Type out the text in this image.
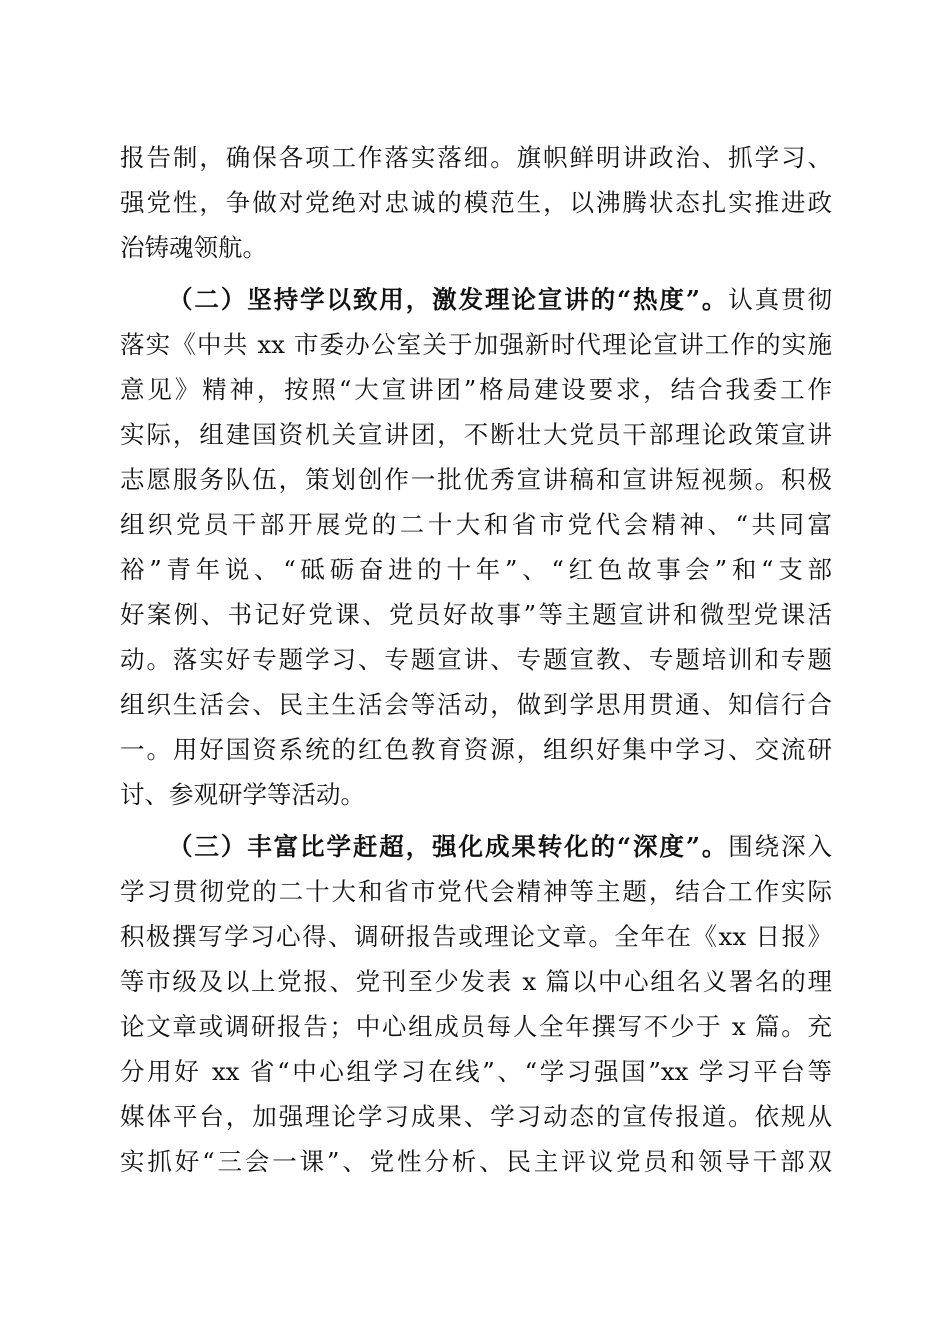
报告制，确保各项工作落实落细。旗帜鲜明讲政治、抓学习、
强党性，争做对党绝对忠诚的模范生，以沸腾状态扎实推进政
治铸魂领航。
（二）坚持学以致用，激发理论宣讲的“热度”。认真贯彻
落实《中共 xx 市委办公室关于加强新时代理论宣讲工作的实施
意见》精神，按照“大宣讲团”格局建设要求，结合我委工作
实际，组建国资机关宣讲团，不断壮大党员干部理论政策宣讲
志愿服务队伍，策划创作一批优秀宣讲稿和宣讲短视频。积极
组织党员干部开展党的二十大和省市党代会精神、“共同富
裕”青年说、“砥砺奋进的十年”、“红色故事会”和“支部
好案例、书记好党课、党员好故事”等主题宣讲和微型党课活
动。落实好专题学习、专题宣讲、专题宣教、专题培训和专题
组织生活会、民主生活会等活动，做到学思用贯通、知信行合
一。用好国资系统的红色教育资源，组织好集中学习、交流研
讨、参观研学等活动。
（三）丰富比学赶超，强化成果转化的“深度”。围绕深入
学习贯彻党的二十大和省市党代会精神等主题，结合工作实际
积极撰写学习心得、调研报告或理论文章。全年在《xx 日报》
等市级及以上党报、党刊至少发表 x 篇以中心组名义署名的理
论文章或调研报告；中心组成员每人全年撰写不少于 x 篇。充
分用好 xx 省“中心组学习在线”、“学习强国”xx 学习平台等
媒体平台，加强理论学习成果、学习动态的宣传报道。依规从
实抓好“三会一课”、党性分析、民主评议党员和领导干部双
